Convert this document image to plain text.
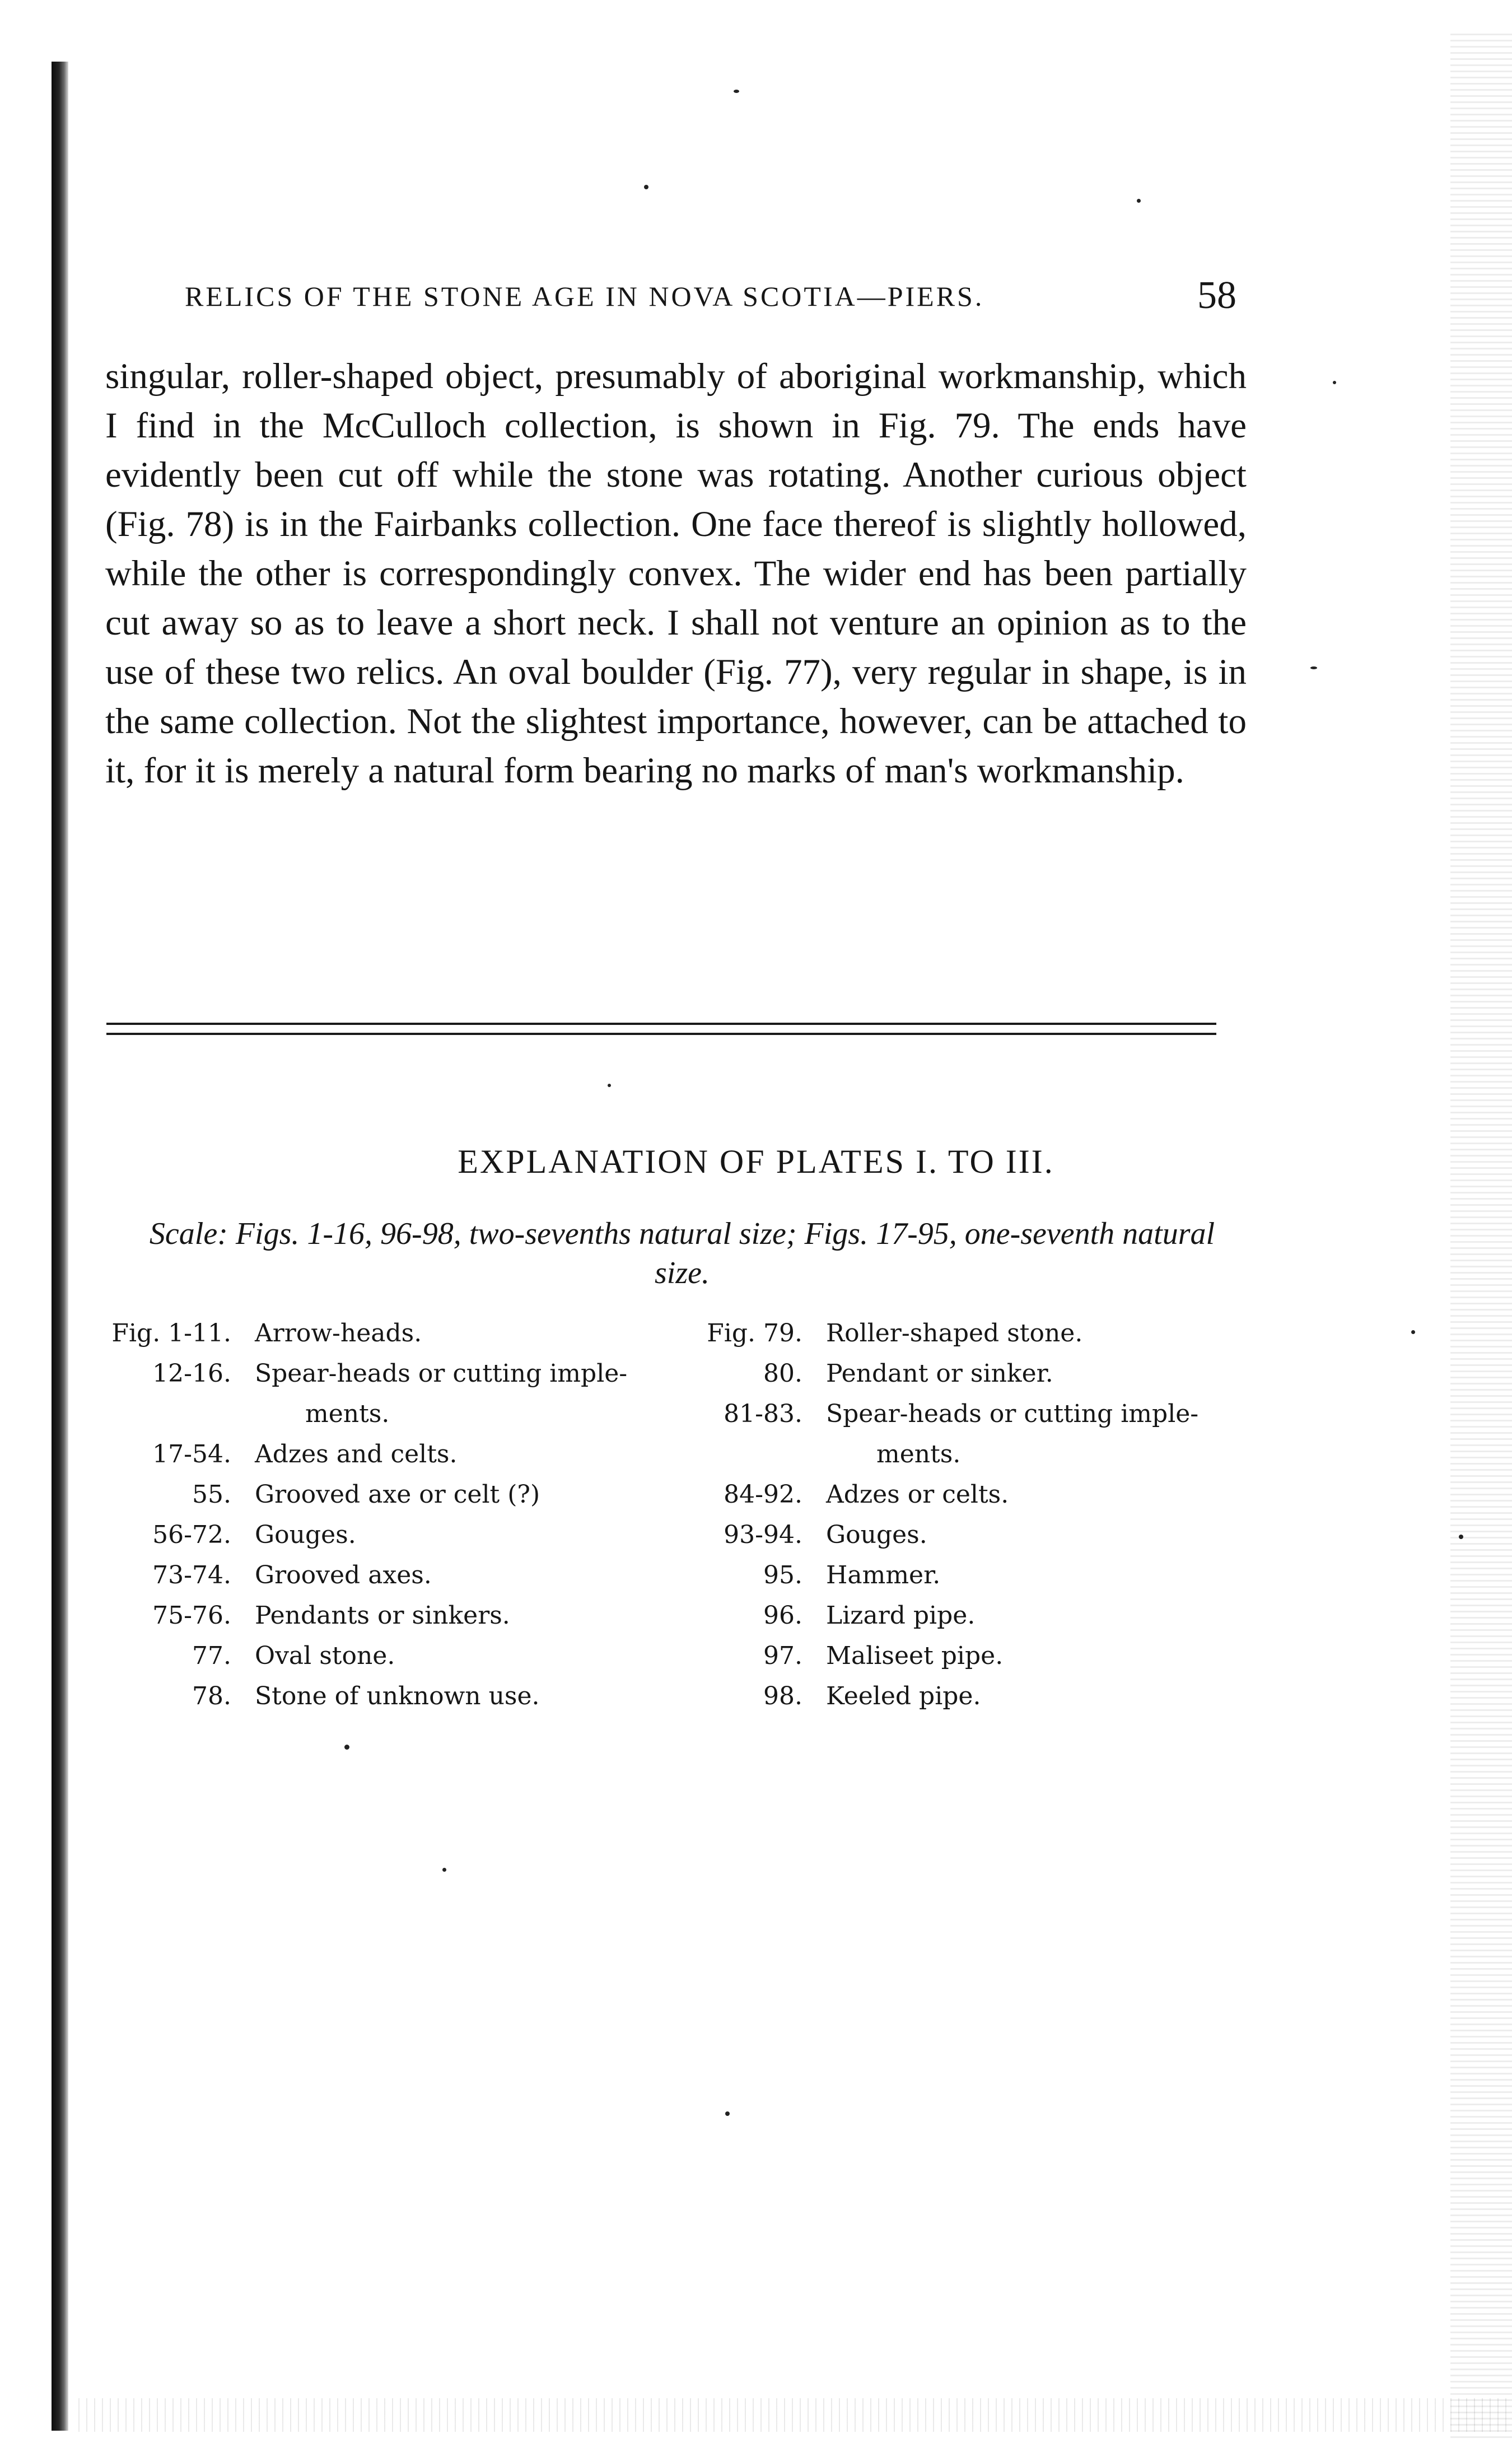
RELICS OF THE STONE AGE IN NOVA SCOTIA—PIERS.	58

singular, roller-shaped object, presumably of aboriginal workmanship, which I find in the McCulloch collection, is shown in Fig. 79. The ends have evidently been cut off while the stone was rotating. Another curious object (Fig. 78) is in the Fairbanks collection. One face thereof is slightly hollowed, while the other is correspondingly convex. The wider end has been partially cut away so as to leave a short neck. I shall not venture an opinion as to the use of these two relics. An oval boulder (Fig. 77), very regular in shape, is in the same collection. Not the slightest importance, however, can be attached to it, for it is merely a natural form bearing no marks of man's workmanship.

EXPLANATION OF PLATES I. TO III.

Scale: Figs. 1-16, 96-98, two-sevenths natural size; Figs. 17-95, one-seventh natural size.

Fig. 1-11. Arrow-heads.
12-16. Spear-heads or cutting imple-
ments.
17-54. Adzes and celts.
55. Grooved axe or celt (?)
56-72. Gouges.
73-74. Grooved axes.
75-76. Pendants or sinkers.
77. Oval stone.
78. Stone of unknown use.
Fig. 79. Roller-shaped stone.
80. Pendant or sinker.
81-83. Spear-heads or cutting imple-
ments.
84-92. Adzes or celts.
93-94. Gouges.
95. Hammer.
96. Lizard pipe.
97. Maliseet pipe.
98. Keeled pipe.
